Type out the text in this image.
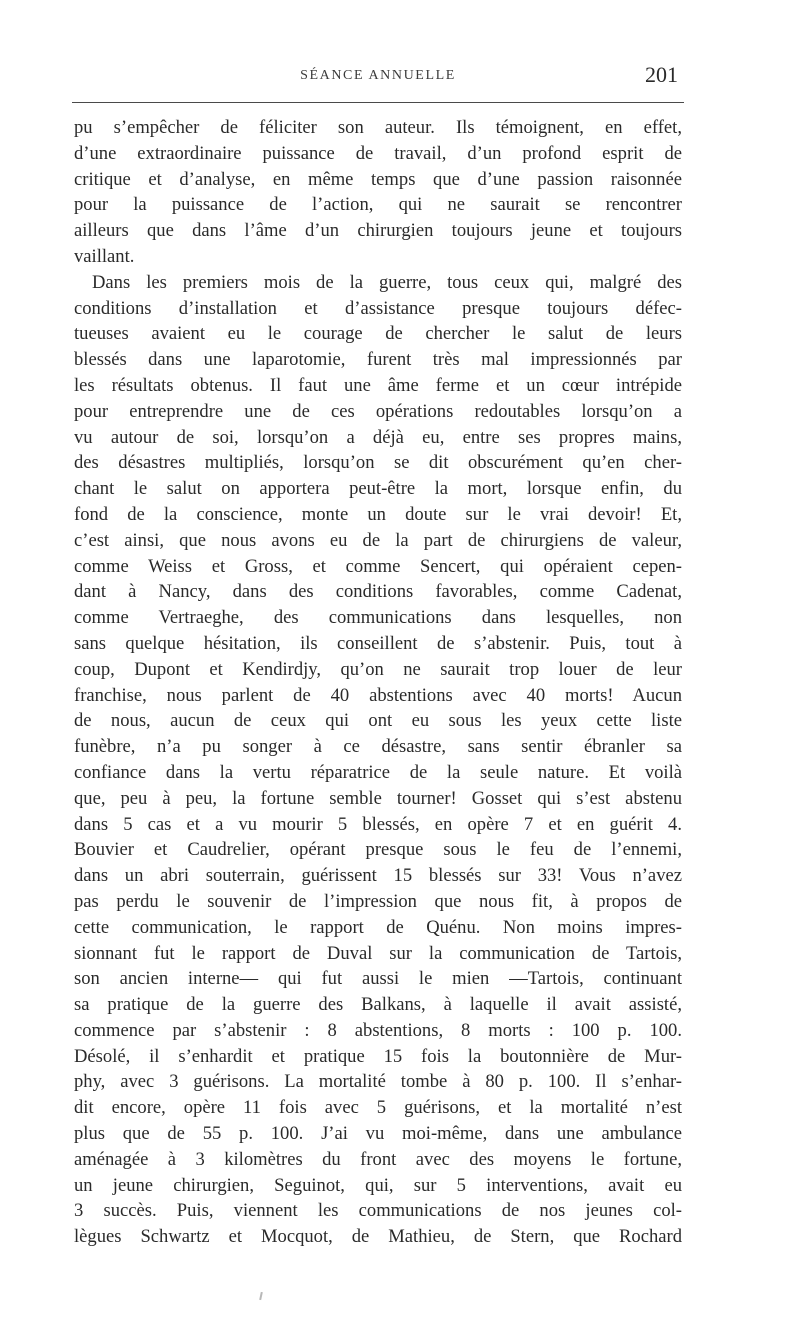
SÉANCE ANNUELLE	201
pu s’empêcher de féliciter son auteur. Ils témoignent, en effet,
d’une extraordinaire puissance de travail, d’un profond esprit de
critique et d’analyse, en même temps que d’une passion raisonnée
pour la puissance de l’action, qui ne saurait se rencontrer
ailleurs que dans l’âme d’un chirurgien toujours jeune et toujours
vaillant.
Dans les premiers mois de la guerre, tous ceux qui, malgré des
conditions d’installation et d’assistance presque toujours défec-
tueuses avaient eu le courage de chercher le salut de leurs
blessés dans une laparotomie, furent très mal impressionnés par
les résultats obtenus. Il faut une âme ferme et un cœur intrépide
pour entreprendre une de ces opérations redoutables lorsqu’on a
vu autour de soi, lorsqu’on a déjà eu, entre ses propres mains,
des désastres multipliés, lorsqu’on se dit obscurément qu’en cher-
chant le salut on apportera peut-être la mort, lorsque enfin, du
fond de la conscience, monte un doute sur le vrai devoir! Et,
c’est ainsi, que nous avons eu de la part de chirurgiens de valeur,
comme Weiss et Gross, et comme Sencert, qui opéraient cepen-
dant à Nancy, dans des conditions favorables, comme Cadenat,
comme Vertraeghe, des communications dans lesquelles, non
sans quelque hésitation, ils conseillent de s’abstenir. Puis, tout à
coup, Dupont et Kendirdjy, qu’on ne saurait trop louer de leur
franchise, nous parlent de 40 abstentions avec 40 morts! Aucun
de nous, aucun de ceux qui ont eu sous les yeux cette liste
funèbre, n’a pu songer à ce désastre, sans sentir ébranler sa
confiance dans la vertu réparatrice de la seule nature. Et voilà
que, peu à peu, la fortune semble tourner! Gosset qui s’est abstenu
dans 5 cas et a vu mourir 5 blessés, en opère 7 et en guérit 4.
Bouvier et Caudrelier, opérant presque sous le feu de l’ennemi,
dans un abri souterrain, guérissent 15 blessés sur 33! Vous n’avez
pas perdu le souvenir de l’impression que nous fit, à propos de
cette communication, le rapport de Quénu. Non moins impres-
sionnant fut le rapport de Duval sur la communication de Tartois,
son ancien interne— qui fut aussi le mien —Tartois, continuant
sa pratique de la guerre des Balkans, à laquelle il avait assisté,
commence par s’abstenir : 8 abstentions, 8 morts : 100 p. 100.
Désolé, il s’enhardit et pratique 15 fois la boutonnière de Mur-
phy, avec 3 guérisons. La mortalité tombe à 80 p. 100. Il s’enhar-
dit encore, opère 11 fois avec 5 guérisons, et la mortalité n’est
plus que de 55 p. 100. J’ai vu moi-même, dans une ambulance
aménagée à 3 kilomètres du front avec des moyens le fortune,
un jeune chirurgien, Seguinot, qui, sur 5 interventions, avait eu
3 succès. Puis, viennent les communications de nos jeunes col-
lègues Schwartz et Mocquot, de Mathieu, de Stern, que Rochard
